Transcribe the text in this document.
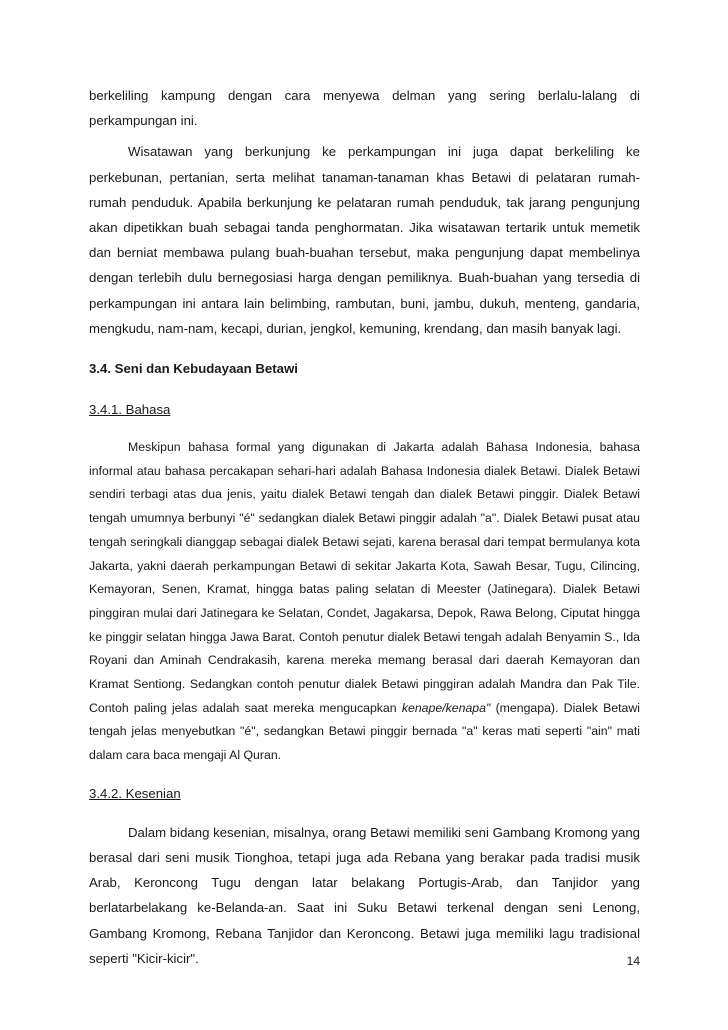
berkeliling kampung dengan cara menyewa delman yang sering berlalu-lalang di perkampungan ini.

Wisatawan yang berkunjung ke perkampungan ini juga dapat berkeliling ke perkebunan, pertanian, serta melihat tanaman-tanaman khas Betawi di pelataran rumah-rumah penduduk. Apabila berkunjung ke pelataran rumah penduduk, tak jarang pengunjung akan dipetikkan buah sebagai tanda penghormatan. Jika wisatawan tertarik untuk memetik dan berniat membawa pulang buah-buahan tersebut, maka pengunjung dapat membelinya dengan terlebih dulu bernegosiasi harga dengan pemiliknya. Buah-buahan yang tersedia di perkampungan ini antara lain belimbing, rambutan, buni, jambu, dukuh, menteng, gandaria, mengkudu, nam-nam, kecapi, durian, jengkol, kemuning, krendang, dan masih banyak lagi.

3.4. Seni dan Kebudayaan Betawi
3.4.1. Bahasa

Meskipun bahasa formal yang digunakan di Jakarta adalah Bahasa Indonesia, bahasa informal atau bahasa percakapan sehari-hari adalah Bahasa Indonesia dialek Betawi. Dialek Betawi sendiri terbagi atas dua jenis, yaitu dialek Betawi tengah dan dialek Betawi pinggir. Dialek Betawi tengah umumnya berbunyi "é" sedangkan dialek Betawi pinggir adalah "a". Dialek Betawi pusat atau tengah seringkali dianggap sebagai dialek Betawi sejati, karena berasal dari tempat bermulanya kota Jakarta, yakni daerah perkampungan Betawi di sekitar Jakarta Kota, Sawah Besar, Tugu, Cilincing, Kemayoran, Senen, Kramat, hingga batas paling selatan di Meester (Jatinegara). Dialek Betawi pinggiran mulai dari Jatinegara ke Selatan, Condet, Jagakarsa, Depok, Rawa Belong, Ciputat hingga ke pinggir selatan hingga Jawa Barat. Contoh penutur dialek Betawi tengah adalah Benyamin S., Ida Royani dan Aminah Cendrakasih, karena mereka memang berasal dari daerah Kemayoran dan Kramat Sentiong. Sedangkan contoh penutur dialek Betawi pinggiran adalah Mandra dan Pak Tile. Contoh paling jelas adalah saat mereka mengucapkan kenape/kenapa" (mengapa). Dialek Betawi tengah jelas menyebutkan "é", sedangkan Betawi pinggir bernada "a" keras mati seperti "ain" mati dalam cara baca mengaji Al Quran.

3.4.2. Kesenian

Dalam bidang kesenian, misalnya, orang Betawi memiliki seni Gambang Kromong yang berasal dari seni musik Tionghoa, tetapi juga ada Rebana yang berakar pada tradisi musik Arab, Keroncong Tugu dengan latar belakang Portugis-Arab, dan Tanjidor yang berlatarbelakang ke-Belanda-an. Saat ini Suku Betawi terkenal dengan seni Lenong, Gambang Kromong, Rebana Tanjidor dan Keroncong. Betawi juga memiliki lagu tradisional seperti "Kicir-kicir".	14
